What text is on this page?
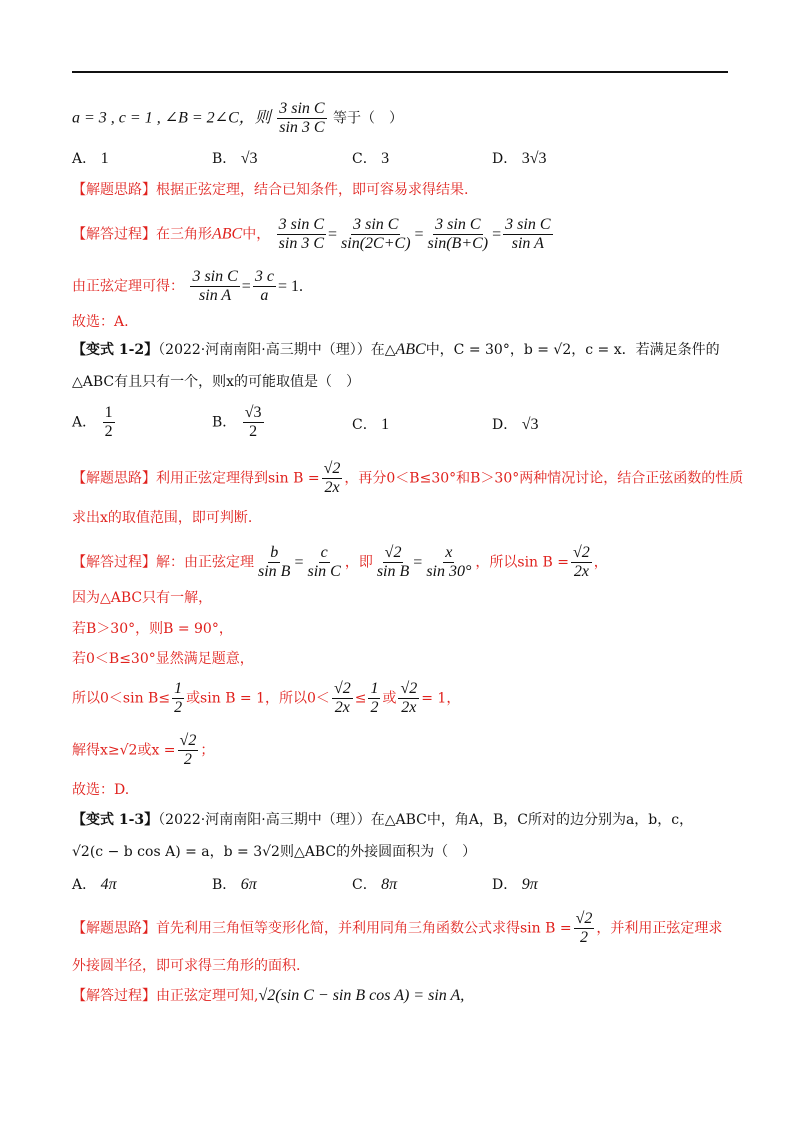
a = 3 , c = 1 , ∠B = 2∠C，则 $\frac{\text{3 sin C}}{\sin 3 C}$ 等于（　）
A． 1	B． √3	C． 3	D． 3√3
【解题思路】根据正弦定理，结合已知条件，即可容易求得结果.
【解答过程】在三角形ABC中， $\frac{\text{3 sin C}}{\sin 3 C} = \frac{\text{3 sin C}}{\sin(2C+C)} = \frac{\text{3 sin C}}{\sin(B+C)} = \frac{\text{3 sin C}}{\text{sin A}}$
由正弦定理可得： $\frac{\text{3 sin C}}{\text{sin A}} = \frac{3 c}{a} = 1$.
故选：A.
【变式 1-2】（2022·河南南阳·高三期中（理））在△ABC中，C = 30°，b = √2，c = x．若满足条件的
△ABC有且只有一个，则x的可能取值是（　）
A． $\frac{1}{2}$	B． $\frac{√3}{2}$	C． 1	D． √3
【解题思路】利用正弦定理得到$\sin B = \frac{√2}{2x}$ ，再分0＜B≤30°和B＞30°两种情况讨论，结合正弦函数的性质
求出x的取值范围，即可判断.
【解答过程】解：由正弦定理 $\frac{b}{\text{sin B}} = \frac{c}{\text{sin C}}$ ，即 $\frac{√2}{\text{sin B}} = \frac{x}{\sin 30^\circ}$ ，所以$\sin B = \frac{√2}{2x}$ ，
因为△ABC只有一解，
若B＞30°，则B = 90°，
若0＜B≤30°显然满足题意，
所以0＜sin $B\le \frac{1}{2}$ 或sin B = 1，所以$0< \frac{√2}{2x} \le \frac{1}{2}$ 或 $\frac{√2}{2x} = 1$，
解得x≥√2或$x = \frac{√2}{2}$ ；
故选：D.
【变式 1-3】（2022·河南南阳·高三期中（理））在△ABC中，角A，B，C所对的边分别为a，b，c，
√2(c − b cos A) = a，b = 3√2则△ABC的外接圆面积为（　）
A． 4π	B． 6π	C． 8π	D． 9π
【解题思路】首先利用三角恒等变形化简，并利用同角三角函数公式求得$\sin B = \frac{√2}{2}$ ，并利用正弦定理求
外接圆半径，即可求得三角形的面积.
【解答过程】由正弦定理可知,√2(sin C − sin B cos A) = sin A,
